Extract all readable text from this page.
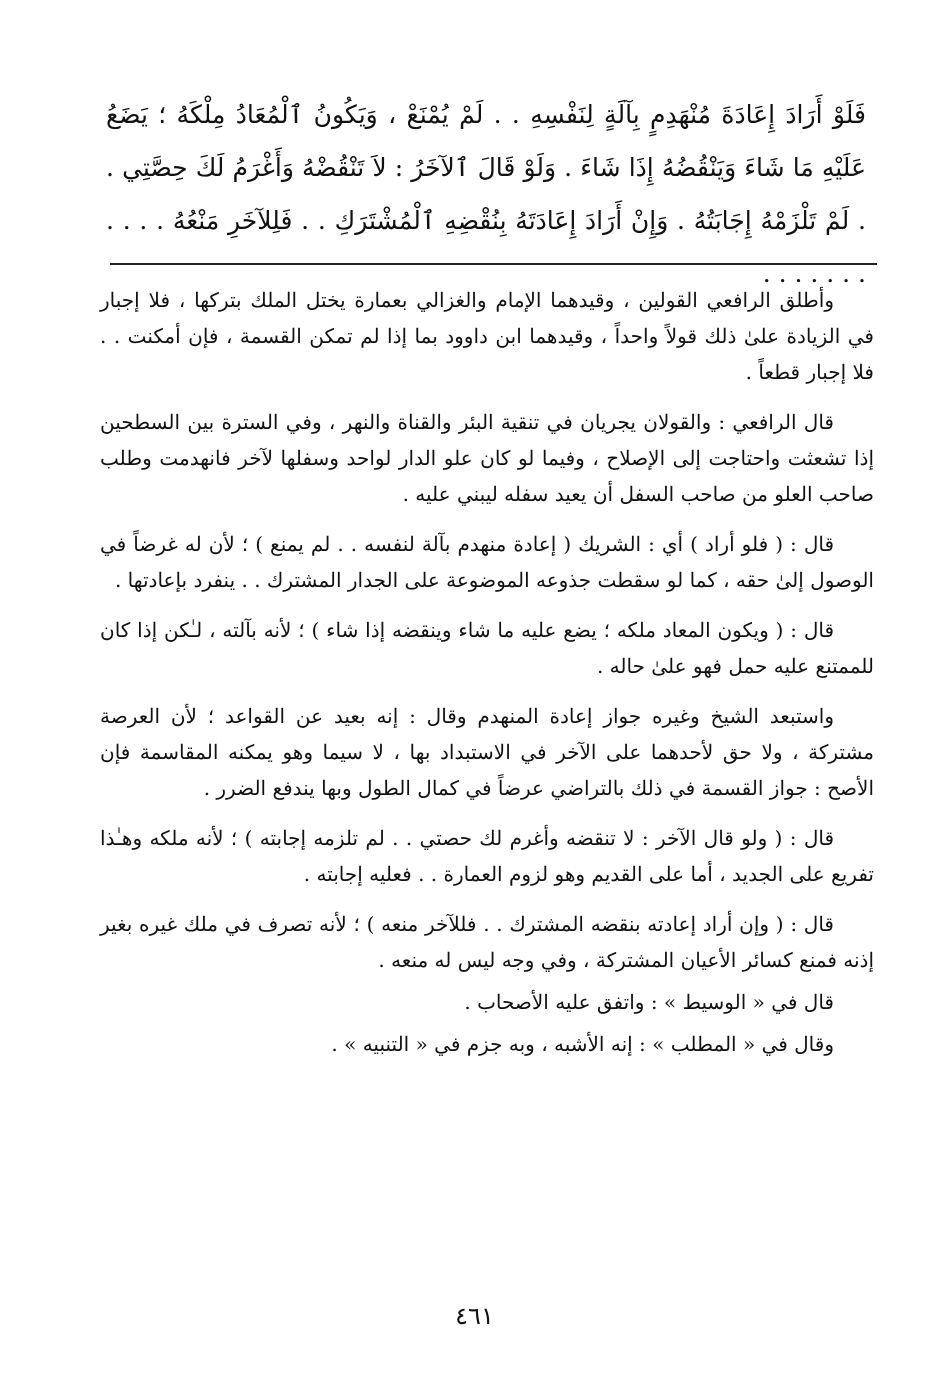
فَلَوْ أَرَادَ إِعَادَةَ مُنْهَدِمٍ بِآلَةٍ لِنَفْسِهِ . . لَمْ يُمْنَعْ ، وَيَكُونُ ٱلْمُعَادُ مِلْكَهُ ؛ يَضَعُ عَلَيْهِ مَا شَاءَ وَيَنْقُضُهُ إِذَا شَاءَ . وَلَوْ قَالَ ٱلآخَرُ : لاَ تَنْقُضْهُ وَأَغْرَمُ لَكَ حِصَّتِي . . لَمْ تَلْزَمْهُ إِجَابَتُهُ . وَإِنْ أَرَادَ إِعَادَتَهُ بِنُقْضِهِ ٱلْمُشْتَرَكِ . . فَلِلآخَرِ مَنْعُهُ . . . . . . . . . . .

وأطلق الرافعي القولين ، وقيدهما الإمام والغزالي بعمارة يختل الملك بتركها ، فلا إجبار في الزيادة علىٰ ذلك قولاً واحداً ، وقيدهما ابن داوود بما إذا لم تمكن القسمة ، فإن أمكنت . . فلا إجبار قطعاً .

قال الرافعي : والقولان يجريان في تنقية البئر والقناة والنهر ، وفي السترة بين السطحين إذا تشعثت واحتاجت إلى الإصلاح ، وفيما لو كان علو الدار لواحد وسفلها لآخر فانهدمت وطلب صاحب العلو من صاحب السفل أن يعيد سفله ليبني عليه .

قال : ( فلو أراد ) أي : الشريك ( إعادة منهدم بآلة لنفسه . . لم يمنع ) ؛ لأن له غرضاً في الوصول إلىٰ حقه ، كما لو سقطت جذوعه الموضوعة على الجدار المشترك . . ينفرد بإعادتها .

قال : ( ويكون المعاد ملكه ؛ يضع عليه ما شاء وينقضه إذا شاء ) ؛ لأنه بآلته ، لـٰكن إذا كان للممتنع عليه حمل فهو علىٰ حاله .

واستبعد الشيخ وغيره جواز إعادة المنهدم وقال : إنه بعيد عن القواعد ؛ لأن العرصة مشتركة ، ولا حق لأحدهما على الآخر في الاستبداد بها ، لا سيما وهو يمكنه المقاسمة فإن الأصح : جواز القسمة في ذلك بالتراضي عرضاً في كمال الطول وبها يندفع الضرر .

قال : ( ولو قال الآخر : لا تنقضه وأغرم لك حصتي . . لم تلزمه إجابته ) ؛ لأنه ملكه وهـٰذا تفريع على الجديد ، أما على القديم وهو لزوم العمارة . . فعليه إجابته .

قال : ( وإن أراد إعادته بنقضه المشترك . . فللآخر منعه ) ؛ لأنه تصرف في ملك غيره بغير إذنه فمنع كسائر الأعيان المشتركة ، وفي وجه ليس له منعه .

قال في « الوسيط » : واتفق عليه الأصحاب .

وقال في « المطلب » : إنه الأشبه ، وبه جزم في « التنبيه » .

٤٦١
